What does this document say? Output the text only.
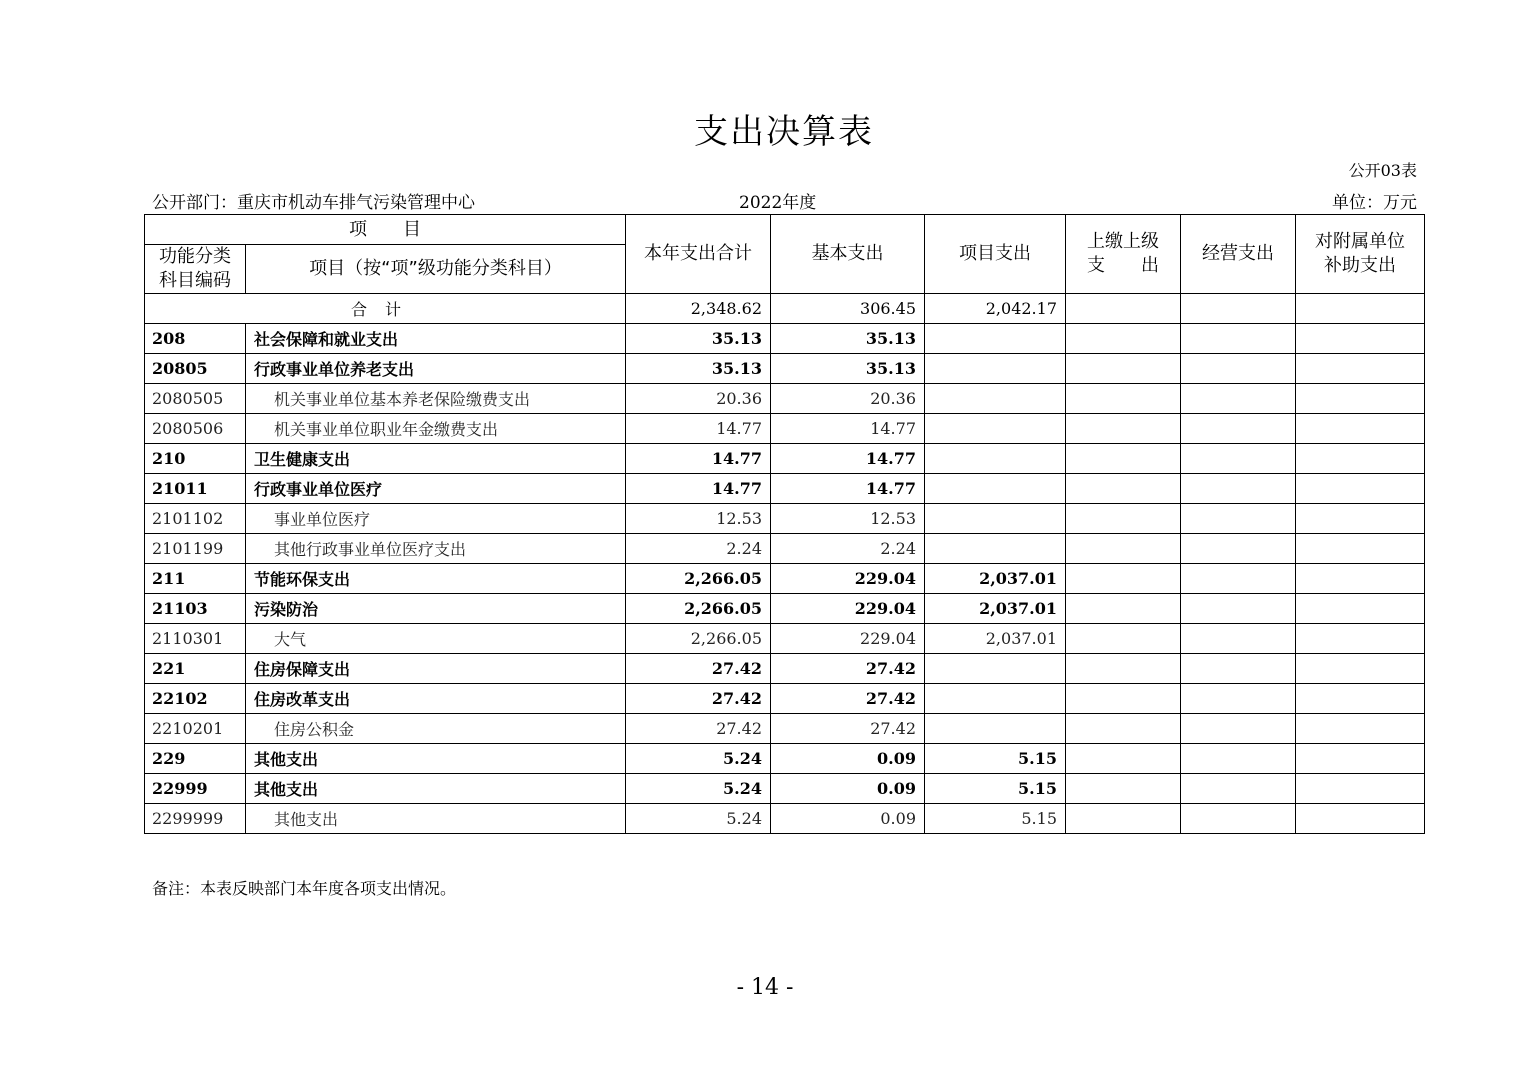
支出决算表
公开03表
公开部门：重庆市机动车排气污染管理中心	2022年度	单位：万元
项　　目		本年支出合计	基本支出	项目支出	上缴上级支　　出	经营支出	对附属单位补助支出
功能分类科目编码	项目（按“项”级功能分类科目）						
合计		2,348.62	306.45	2,042.17			
208	社会保障和就业支出	35.13	35.13				
20805	行政事业单位养老支出	35.13	35.13				
2080505	机关事业单位基本养老保险缴费支出	20.36	20.36				
2080506	机关事业单位职业年金缴费支出	14.77	14.77				
210	卫生健康支出	14.77	14.77				
21011	行政事业单位医疗	14.77	14.77				
2101102	事业单位医疗	12.53	12.53				
2101199	其他行政事业单位医疗支出	2.24	2.24				
211	节能环保支出	2,266.05	229.04	2,037.01			
21103	污染防治	2,266.05	229.04	2,037.01			
2110301	大气	2,266.05	229.04	2,037.01			
221	住房保障支出	27.42	27.42				
22102	住房改革支出	27.42	27.42				
2210201	住房公积金	27.42	27.42				
229	其他支出	5.24	0.09	5.15			
22999	其他支出	5.24	0.09	5.15			
2299999	其他支出	5.24	0.09	5.15			
备注：本表反映部门本年度各项支出情况。
- 14 -
